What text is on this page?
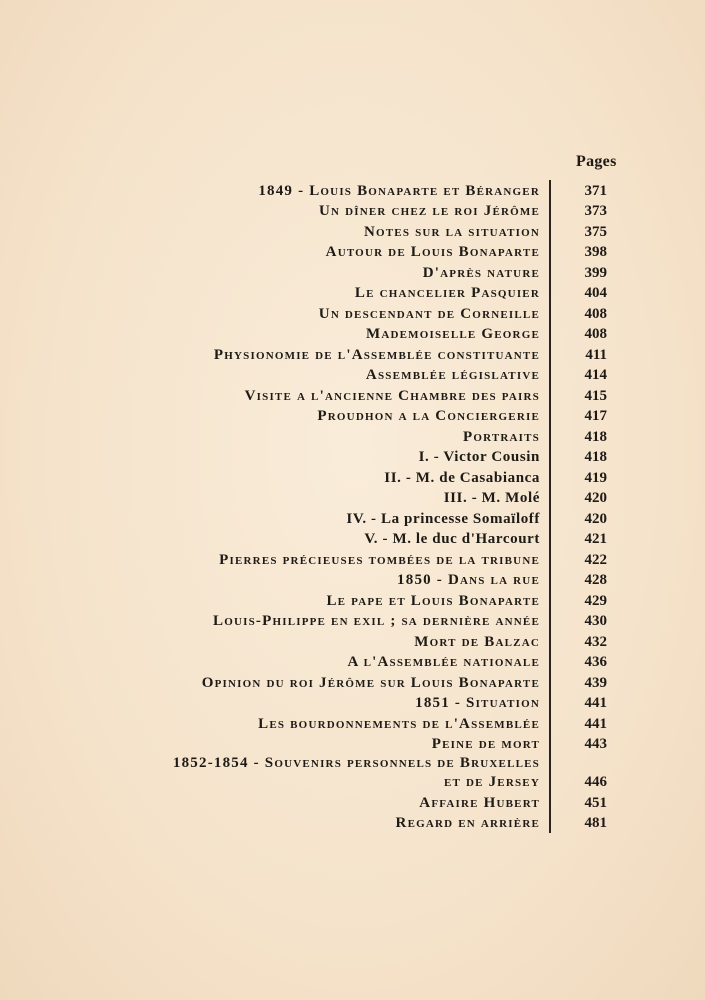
Pages
1849 - Louis Bonaparte et Béranger	371
Un dîner chez le roi Jérôme	373
Notes sur la situation	375
Autour de Louis Bonaparte	398
D'après nature	399
Le chancelier Pasquier	404
Un descendant de Corneille	408
Mademoiselle George	408
Physionomie de l'Assemblée constituante	411
Assemblée législative	414
Visite a l'ancienne Chambre des pairs	415
Proudhon a la Conciergerie	417
Portraits	418
I. - Victor Cousin	418
II. - M. de Casabianca	419
III. - M. Molé	420
IV. - La princesse Somaïloff	420
V. - M. le duc d'Harcourt	421
Pierres précieuses tombées de la tribune	422
1850 - Dans la rue	428
Le pape et Louis Bonaparte	429
Louis-Philippe en exil ; sa dernière année	430
Mort de Balzac	432
A l'Assemblée nationale	436
Opinion du roi Jérôme sur Louis Bonaparte	439
1851 - Situation	441
Les bourdonnements de l'Assemblée	441
Peine de mort	443
1852-1854 - Souvenirs personnels de Bruxelles
et de Jersey	446
Affaire Hubert	451
Regard en arrière	481
